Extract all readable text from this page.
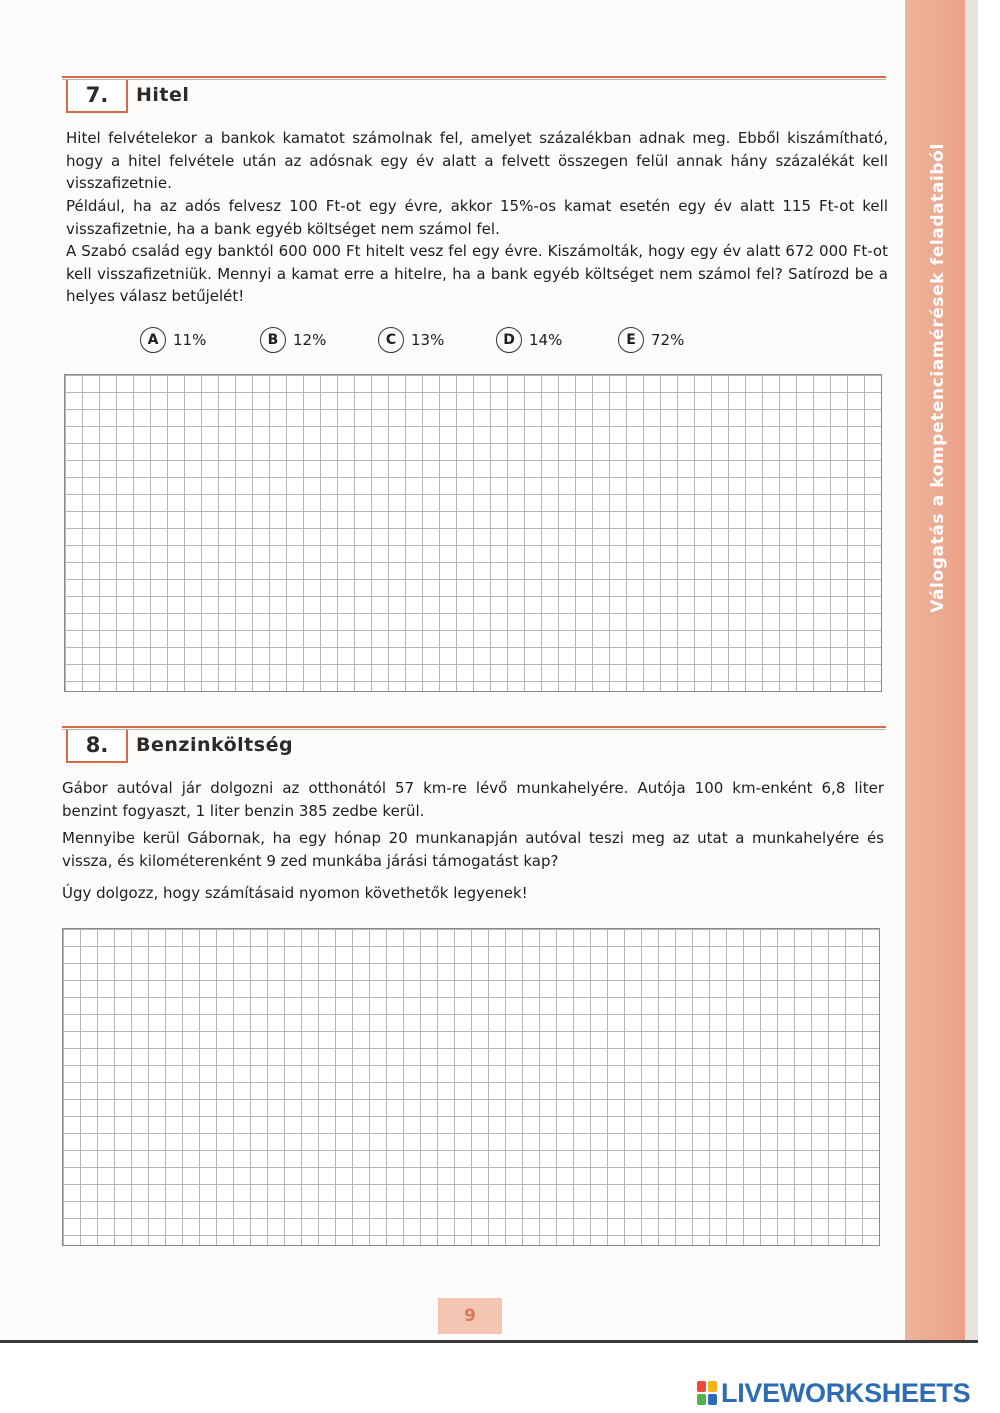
Válogatás a kompetenciamérések feladataiból
7.	Hitel

Hitel felvételekor a bankok kamatot számolnak fel, amelyet százalékban adnak meg. Ebből kiszámítható, hogy a hitel felvétele után az adósnak egy év alatt a felvett összegen felül annak hány százalékát kell visszafizetnie.

Például, ha az adós felvesz 100 Ft-ot egy évre, akkor 15%-os kamat esetén egy év alatt 115 Ft-ot kell visszafizetnie, ha a bank egyéb költséget nem számol fel.

A Szabó család egy banktól 600 000 Ft hitelt vesz fel egy évre. Kiszámolták, hogy egy év alatt 672 000 Ft-ot kell visszafizetniük. Mennyi a kamat erre a hitelre, ha a bank egyéb költséget nem számol fel? Satírozd be a helyes válasz betűjelét!

A 11%	B 12%	C 13%	D 14%	E 72%
8.	Benzinköltség

Gábor autóval jár dolgozni az otthonától 57 km-re lévő munkahelyére. Autója 100 km-enként 6,8 liter benzint fogyaszt, 1 liter benzin 385 zedbe kerül.

Mennyibe kerül Gábornak, ha egy hónap 20 munkanapján autóval teszi meg az utat a munkahelyére és vissza, és kilométerenként 9 zed munkába járási támogatást kap?

Úgy dolgozz, hogy számításaid nyomon követhetők legyenek!

9
LIVEWORKSHEETS
